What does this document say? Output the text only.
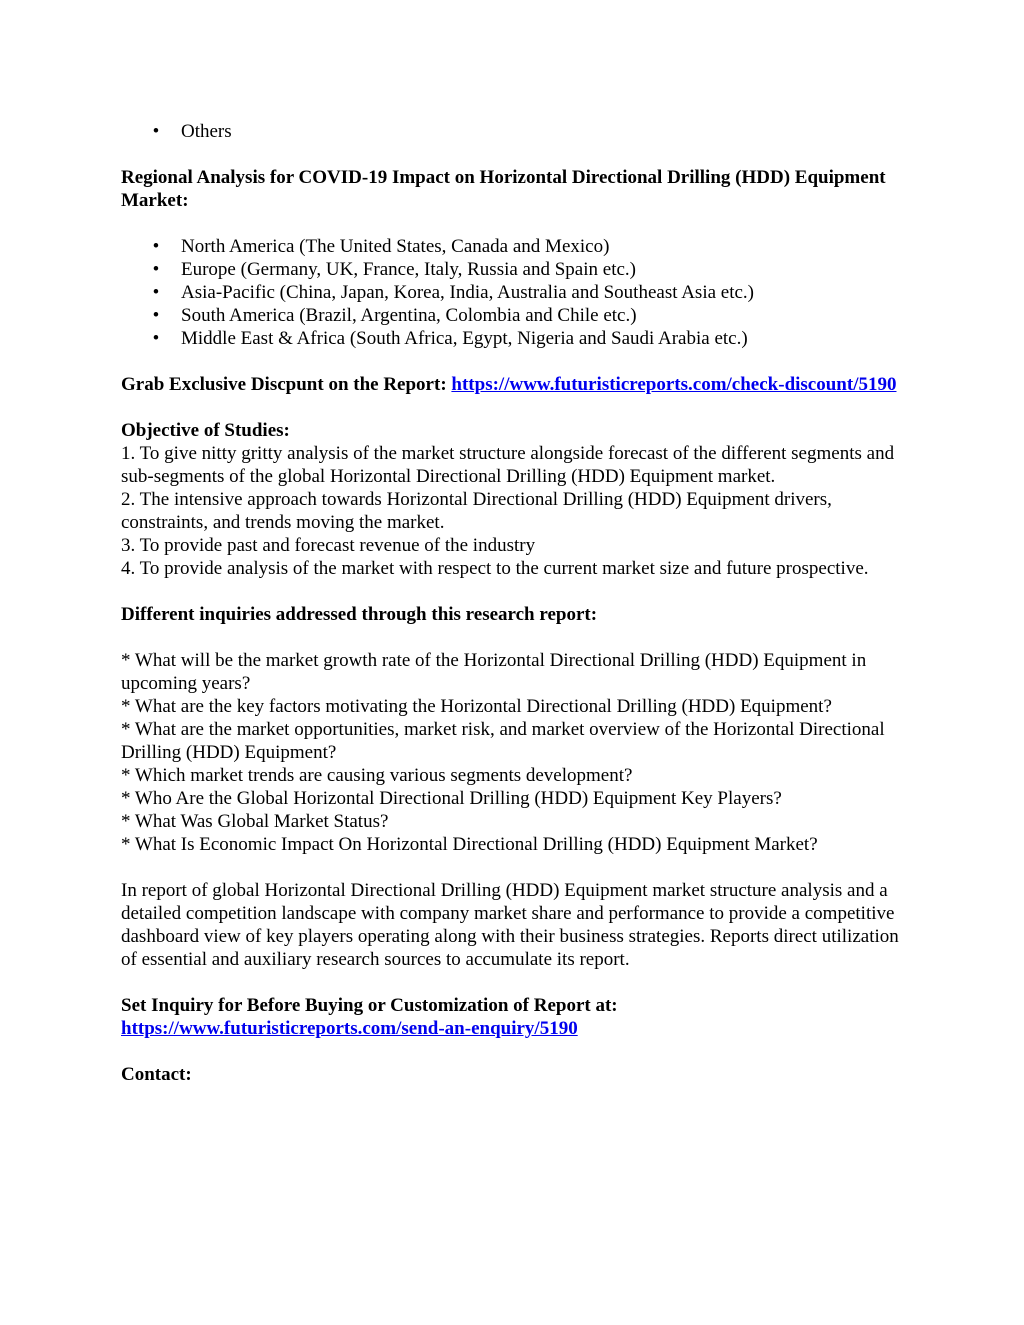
• Others

Regional Analysis for COVID-19 Impact on Horizontal Directional Drilling (HDD) Equipment Market:

• North America (The United States, Canada and Mexico)
• Europe (Germany, UK, France, Italy, Russia and Spain etc.)
• Asia-Pacific (China, Japan, Korea, India, Australia and Southeast Asia etc.)
• South America (Brazil, Argentina, Colombia and Chile etc.)
• Middle East & Africa (South Africa, Egypt, Nigeria and Saudi Arabia etc.)

Grab Exclusive Discpunt on the Report: https://www.futuristicreports.com/check-discount/5190

Objective of Studies:

1. To give nitty gritty analysis of the market structure alongside forecast of the different segments and sub-segments of the global Horizontal Directional Drilling (HDD) Equipment market.

2. The intensive approach towards Horizontal Directional Drilling (HDD) Equipment drivers, constraints, and trends moving the market.

3. To provide past and forecast revenue of the industry

4. To provide analysis of the market with respect to the current market size and future prospective.

Different inquiries addressed through this research report:

* What will be the market growth rate of the Horizontal Directional Drilling (HDD) Equipment in upcoming years?

* What are the key factors motivating the Horizontal Directional Drilling (HDD) Equipment?

* What are the market opportunities, market risk, and market overview of the Horizontal Directional Drilling (HDD) Equipment?

* Which market trends are causing various segments development?

* Who Are the Global Horizontal Directional Drilling (HDD) Equipment Key Players?

* What Was Global Market Status?

* What Is Economic Impact On Horizontal Directional Drilling (HDD) Equipment Market?

In report of global Horizontal Directional Drilling (HDD) Equipment market structure analysis and a detailed competition landscape with company market share and performance to provide a competitive dashboard view of key players operating along with their business strategies. Reports direct utilization of essential and auxiliary research sources to accumulate its report.

Set Inquiry for Before Buying or Customization of Report at:

https://www.futuristicreports.com/send-an-enquiry/5190

Contact:
